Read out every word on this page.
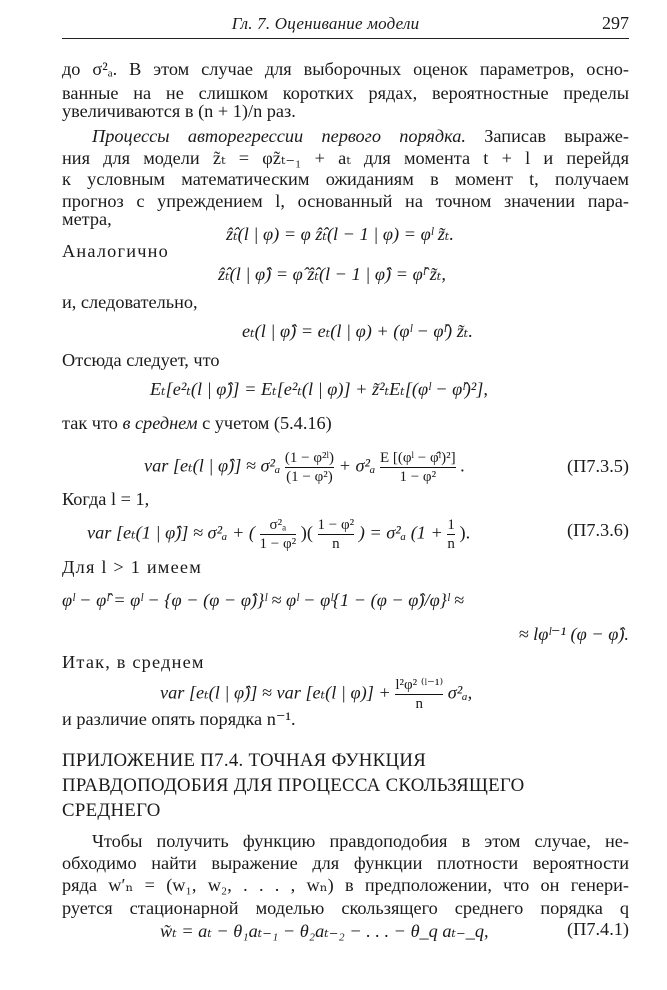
Гл. 7. Оценивание модели	297
до σ²ₐ. В этом случае для выборочных оценок параметров, осно-
ванные на не слишком коротких рядах, вероятностные пределы
увеличиваются в (n + 1)/n раз.
Процессы авторегрессии первого порядка. Записав выраже-
ния для модели z̃ₜ = φz̃ₜ₋₁ + aₜ для момента t + l и перейдя
к условным математическим ожиданиям в момент t, получаем
прогноз с упреждением l, основанный на точном значении пара-
метра,
ẑ̂ₜ(l | φ) = φ ẑ̂ₜ(l − 1 | φ) = φˡ z̃ₜ.
Аналогично
ẑ̂ₜ(l | φ̂) = φ̂ ẑ̂ₜ(l − 1 | φ̂) = φ̂ˡ z̃ₜ,
и, следовательно,
eₜ(l | φ̂) = eₜ(l | φ) + (φˡ − φ̂ˡ) z̃ₜ.
Отсюда следует, что
Eₜ[e²ₜ(l | φ̂)] = Eₜ[e²ₜ(l | φ)] + z̃²ₜEₜ[(φˡ − φ̂ˡ)²],
так что в среднем с учетом (5.4.16)
var [eₜ(l | φ̂)] ≈ $\sigma^2_a \frac{\text{(1 − φ²ˡ)}}{\text{(1 − φ²)}} + \sigma^2_a \frac{\text{E [(φˡ − φ̂ˡ)²]}}{\text{1 − φ²}}$ .	(П7.3.5)
Когда l = 1,
var [eₜ(1 | φ̂)] ≈ σ²ₐ + ( $\frac{\text{σ²ₐ}}{\text{1 − φ²}}$ )( $\frac{\text{1 − φ²}}{n}$ ) = σ²ₐ ($1 + \frac{1}{n}$ ).	(П7.3.6)
Для l > 1 имеем
φˡ − φ̂ˡ = φˡ − {φ − (φ − φ̂)}ˡ ≈ φˡ − φˡ{1 − (φ − φ̂)/φ}ˡ ≈
≈ lφˡ⁻¹ (φ − φ̂).
Итак, в среднем
var [eₜ(l | φ̂)] ≈ var [eₜ(l | $\varphi)] + \frac{\text{l²φ² ⁽ˡ⁻¹⁾}}{n} \sigma^2_a$,
и различие опять порядка n⁻¹.
ПРИЛОЖЕНИЕ П7.4. ТОЧНАЯ ФУНКЦИЯ
ПРАВДОПОДОБИЯ ДЛЯ ПРОЦЕССА СКОЛЬЗЯЩЕГО
СРЕДНЕГО
Чтобы получить функцию правдоподобия в этом случае, не-
обходимо найти выражение для функции плотности вероятности
ряда w′ₙ = (w₁, w₂, . . . , wₙ) в предположении, что он генери-
руется стационарной моделью скользящего среднего порядка q
w̃ₜ = aₜ − θ₁aₜ₋₁ − θ₂aₜ₋₂ − . . . − θ_q aₜ₋_q,	(П7.4.1)
